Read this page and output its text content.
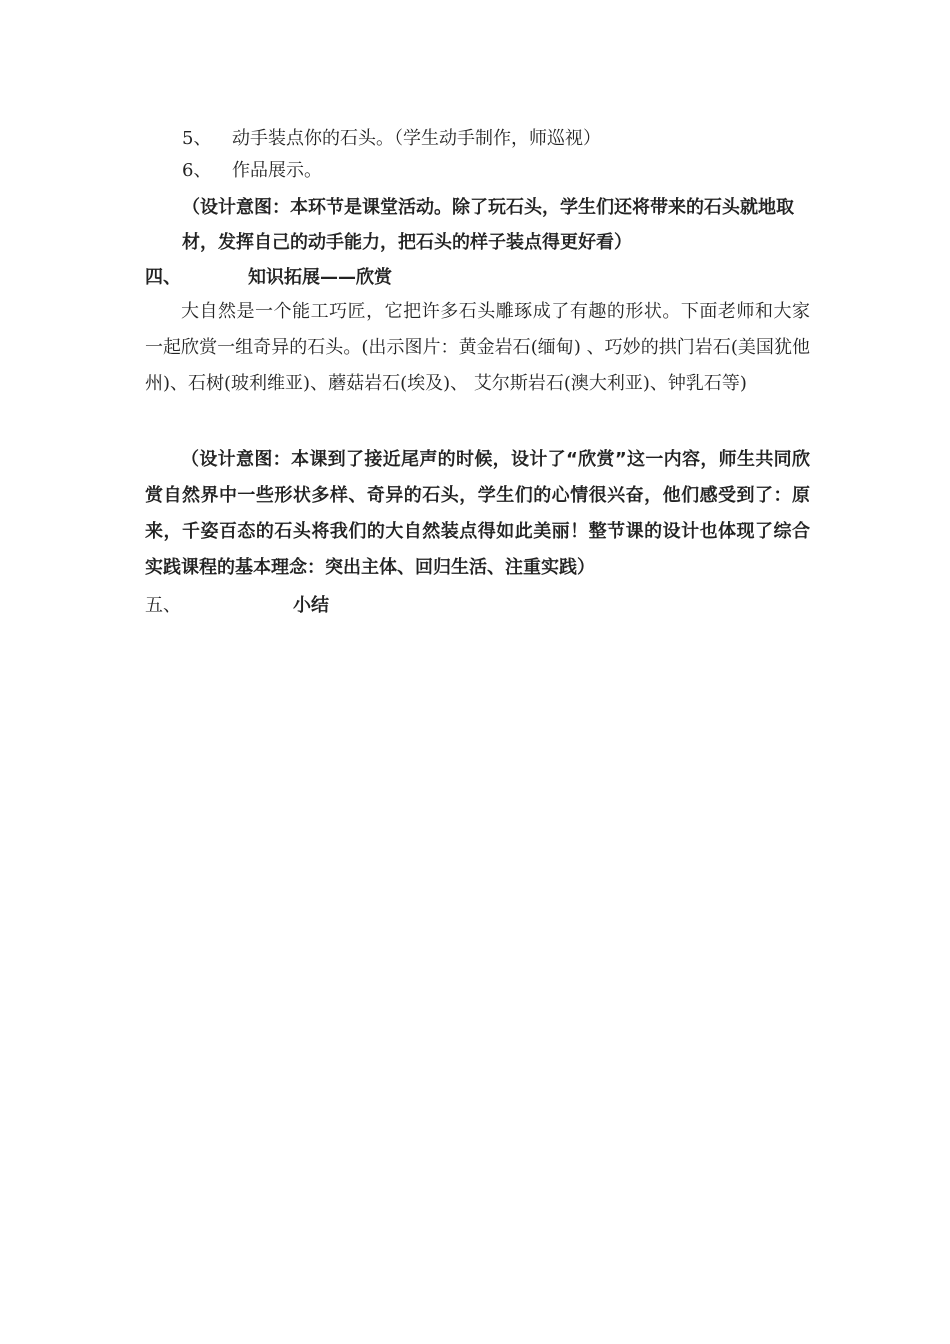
5、 动手装点你的石头。（学生动手制作，师巡视）
6、 作品展示。
（设计意图：本环节是课堂活动。除了玩石头，学生们还将带来的石头就地取
材，发挥自己的动手能力，把石头的样子装点得更好看）
四、	知识拓展——欣赏
大自然是一个能工巧匠，它把许多石头雕琢成了有趣的形状。下面老师和大家一起欣赏一组奇异的石头。(出示图片：黄金岩石(缅甸) 、巧妙的拱门岩石(美国犹他州)、石树(玻利维亚)、蘑菇岩石(埃及)、 艾尔斯岩石(澳大利亚)、钟乳石等)
（设计意图：本课到了接近尾声的时候，设计了“欣赏”这一内容，师生共同欣赏自然界中一些形状多样、奇异的石头，学生们的心情很兴奋，他们感受到了：原来，千姿百态的石头将我们的大自然装点得如此美丽！整节课的设计也体现了综合实践课程的基本理念：突出主体、回归生活、注重实践）
五、	小结
